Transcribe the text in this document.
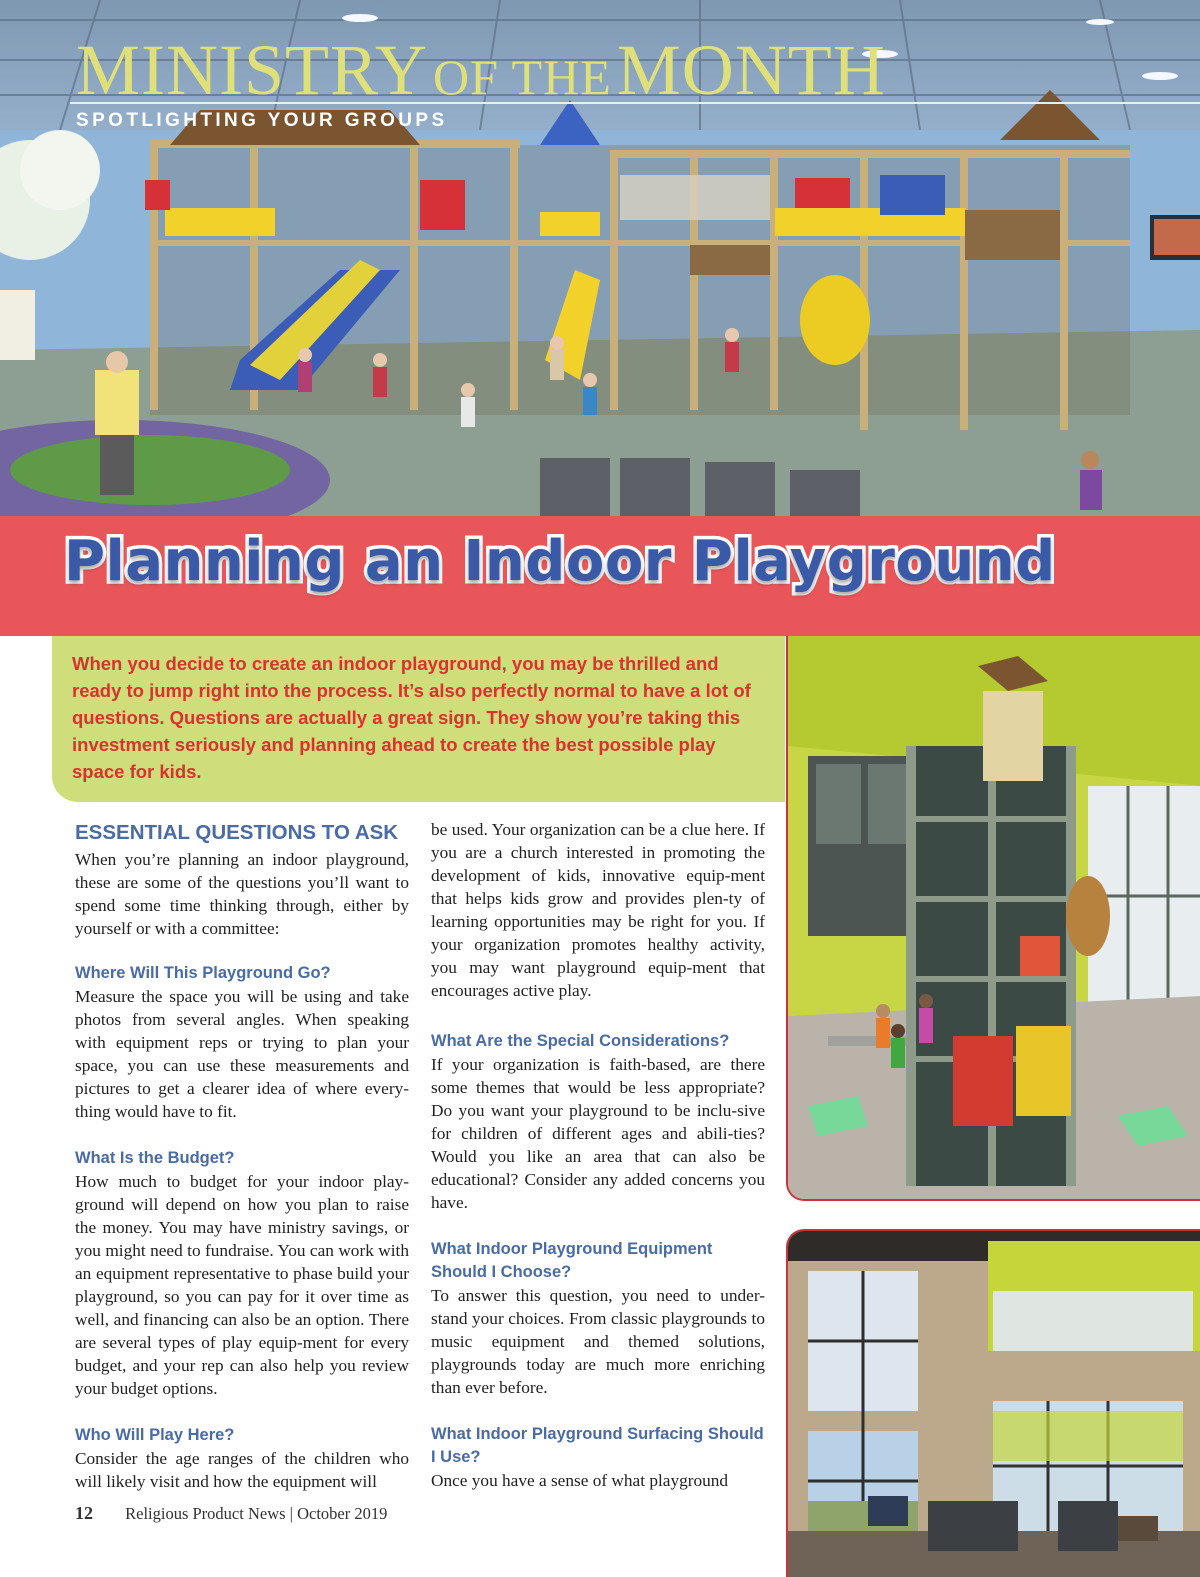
MINISTRY OF THE MONTH
SPOTLIGHTING YOUR GROUPS
Planning an Indoor Playground
When you decide to create an indoor playground, you may be thrilled and ready to jump right into the process. It’s also perfectly normal to have a lot of questions. Questions are actually a great sign. They show you’re taking this investment seriously and planning ahead to create the best possible play space for kids.
ESSENTIAL QUESTIONS TO ASK

When you’re planning an indoor playground, these are some of the questions you’ll want to spend some time thinking through, either by yourself or with a committee:

Where Will This Playground Go?

Measure the space you will be using and take photos from several angles. When speaking with equipment reps or trying to plan your space, you can use these measurements and pictures to get a clearer idea of where every-thing would have to fit.

What Is the Budget?

How much to budget for your indoor play-ground will depend on how you plan to raise the money. You may have ministry savings, or you might need to fundraise. You can work with an equipment representative to phase build your playground, so you can pay for it over time as well, and financing can also be an option. There are several types of play equip-ment for every budget, and your rep can also help you review your budget options.

Who Will Play Here?

Consider the age ranges of the children who will likely visit and how the equipment will

be used. Your organization can be a clue here. If you are a church interested in promoting the development of kids, innovative equip-ment that helps kids grow and provides plen-ty of learning opportunities may be right for you. If your organization promotes healthy activity, you may want playground equip-ment that encourages active play.

What Are the Special Considerations?

If your organization is faith-based, are there some themes that would be less appropriate? Do you want your playground to be inclu-sive for children of different ages and abili-ties? Would you like an area that can also be educational? Consider any added concerns you have.

What Indoor Playground Equipment Should I Choose?

To answer this question, you need to under-stand your choices. From classic playgrounds to music equipment and themed solutions, playgrounds today are much more enriching than ever before.

What Indoor Playground Surfacing Should I Use?

Once you have a sense of what playground

12 Religious Product News | October 2019
